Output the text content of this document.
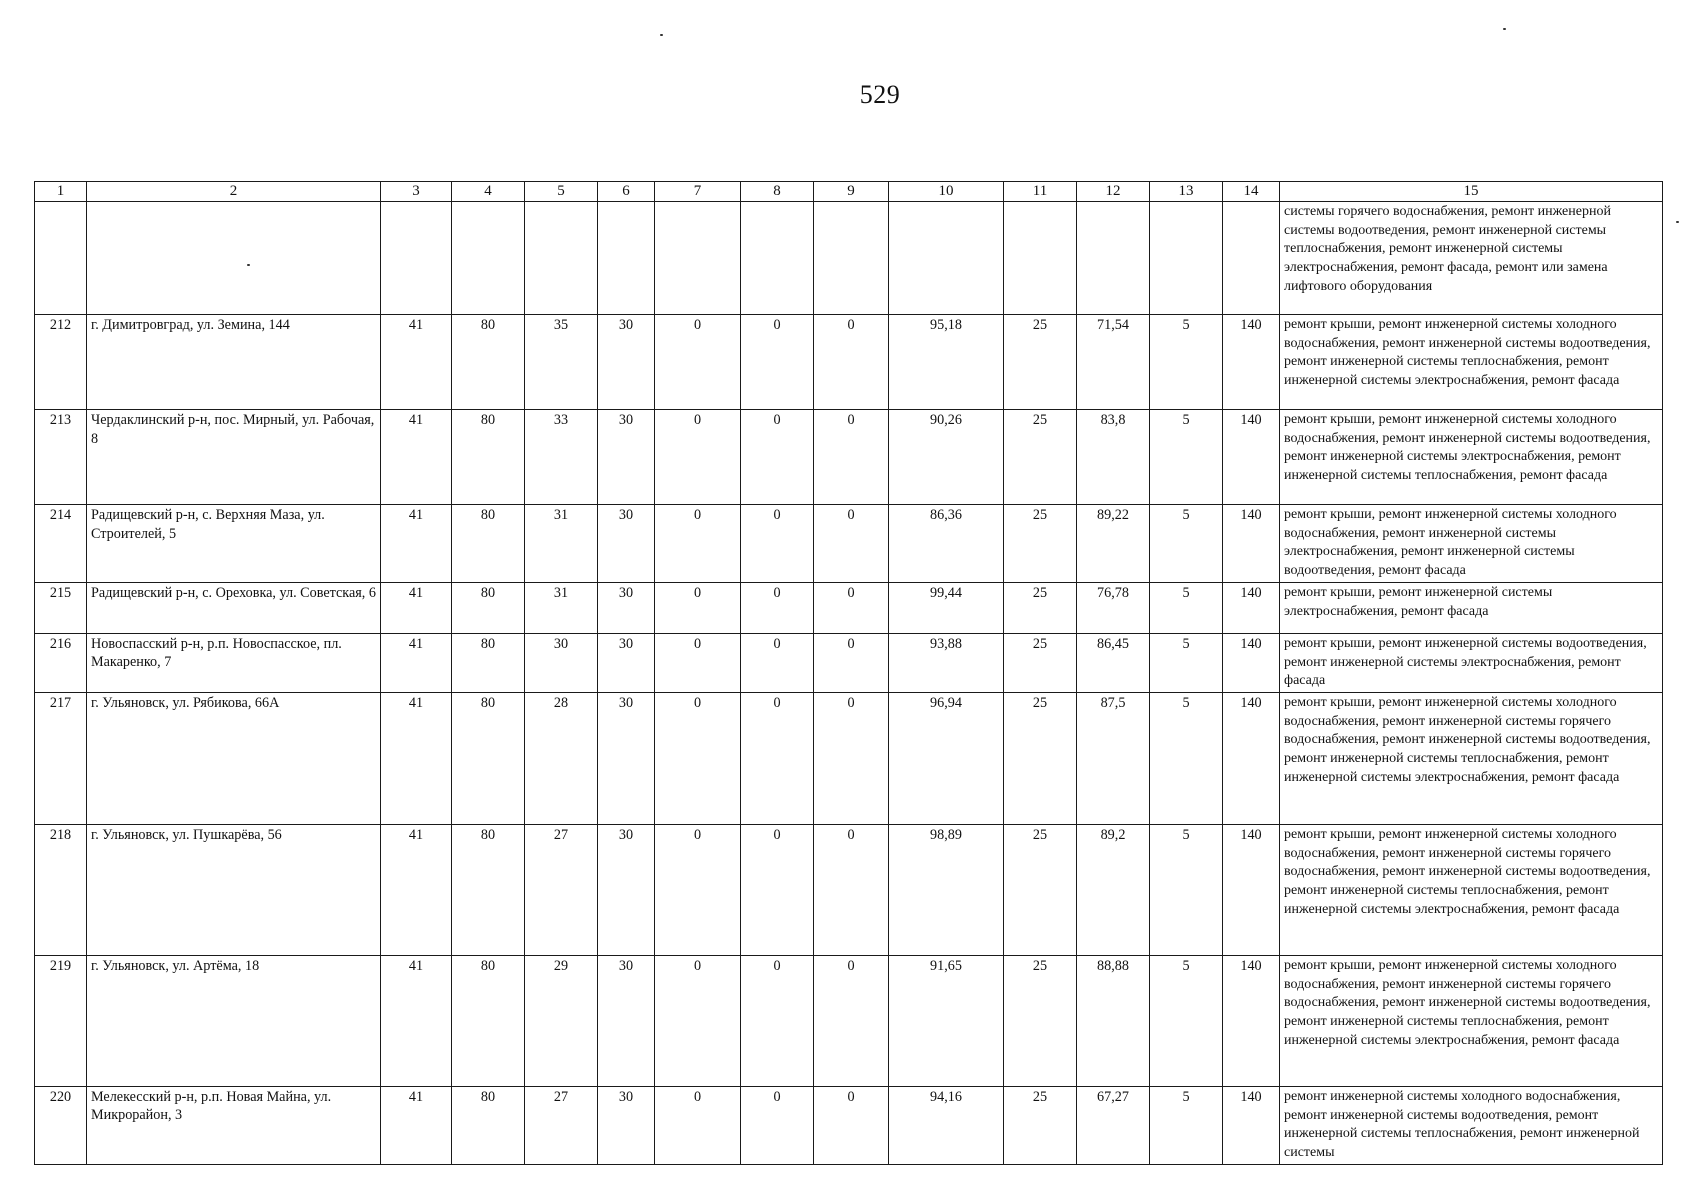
529
1	2	3	4	5	6	7	8	9	10	11	12	13	14	15
														системы горячего водоснабжения, ремонт инженерной системы водоотведения, ремонт инженерной системы теплоснабжения, ремонт инженерной системы электроснабжения, ремонт фасада, ремонт или замена лифтового оборудования
212	г. Димитровград, ул. Земина, 144	41	80	35	30	0	0	0	95,18	25	71,54	5	140	ремонт крыши, ремонт инженерной системы холодного водоснабжения, ремонт инженерной системы водоотведения, ремонт инженерной системы теплоснабжения, ремонт инженерной системы электроснабжения, ремонт фасада
213	Чердаклинский р-н, пос. Мирный, ул. Рабочая, 8	41	80	33	30	0	0	0	90,26	25	83,8	5	140	ремонт крыши, ремонт инженерной системы холодного водоснабжения, ремонт инженерной системы водоотведения, ремонт инженерной системы электроснабжения, ремонт инженерной системы теплоснабжения, ремонт фасада
214	Радищевский р-н, с. Верхняя Маза, ул. Строителей, 5	41	80	31	30	0	0	0	86,36	25	89,22	5	140	ремонт крыши, ремонт инженерной системы холодного водоснабжения, ремонт инженерной системы электроснабжения, ремонт инженерной системы водоотведения, ремонт фасада
215	Радищевский р-н, с. Ореховка, ул. Советская, 6	41	80	31	30	0	0	0	99,44	25	76,78	5	140	ремонт крыши, ремонт инженерной системы электроснабжения, ремонт фасада
216	Новоспасский р-н, р.п. Новоспасское, пл. Макаренко, 7	41	80	30	30	0	0	0	93,88	25	86,45	5	140	ремонт крыши, ремонт инженерной системы водоотведения, ремонт инженерной системы электроснабжения, ремонт фасада
217	г. Ульяновск, ул. Рябикова, 66А	41	80	28	30	0	0	0	96,94	25	87,5	5	140	ремонт крыши, ремонт инженерной системы холодного водоснабжения, ремонт инженерной системы горячего водоснабжения, ремонт инженерной системы водоотведения, ремонт инженерной системы теплоснабжения, ремонт инженерной системы электроснабжения, ремонт фасада
218	г. Ульяновск, ул. Пушкарёва, 56	41	80	27	30	0	0	0	98,89	25	89,2	5	140	ремонт крыши, ремонт инженерной системы холодного водоснабжения, ремонт инженерной системы горячего водоснабжения, ремонт инженерной системы водоотведения, ремонт инженерной системы теплоснабжения, ремонт инженерной системы электроснабжения, ремонт фасада
219	г. Ульяновск, ул. Артёма, 18	41	80	29	30	0	0	0	91,65	25	88,88	5	140	ремонт крыши, ремонт инженерной системы холодного водоснабжения, ремонт инженерной системы горячего водоснабжения, ремонт инженерной системы водоотведения, ремонт инженерной системы теплоснабжения, ремонт инженерной системы электроснабжения, ремонт фасада
220	Мелекесский р-н, р.п. Новая Майна, ул. Микрорайон, 3	41	80	27	30	0	0	0	94,16	25	67,27	5	140	ремонт инженерной системы холодного водоснабжения, ремонт инженерной системы водоотведения, ремонт инженерной системы теплоснабжения, ремонт инженерной системы
